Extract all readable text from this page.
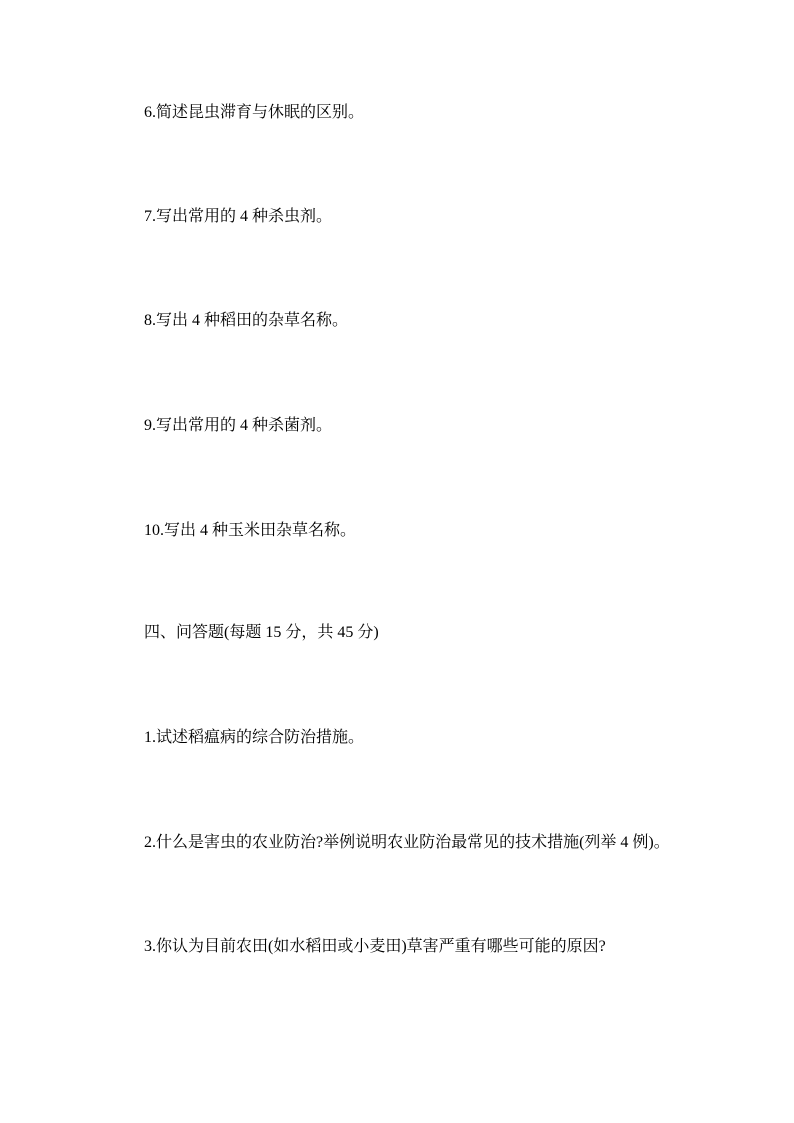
6.简述昆虫滞育与休眠的区别。

7.写出常用的 4 种杀虫剂。

8.写出 4 种稻田的杂草名称。

9.写出常用的 4 种杀菌剂。

10.写出 4 种玉米田杂草名称。

四、问答题(每题 15 分，共 45 分)

1.试述稻瘟病的综合防治措施。

2.什么是害虫的农业防治?举例说明农业防治最常见的技术措施(列举 4 例)。

3.你认为目前农田(如水稻田或小麦田)草害严重有哪些可能的原因?
